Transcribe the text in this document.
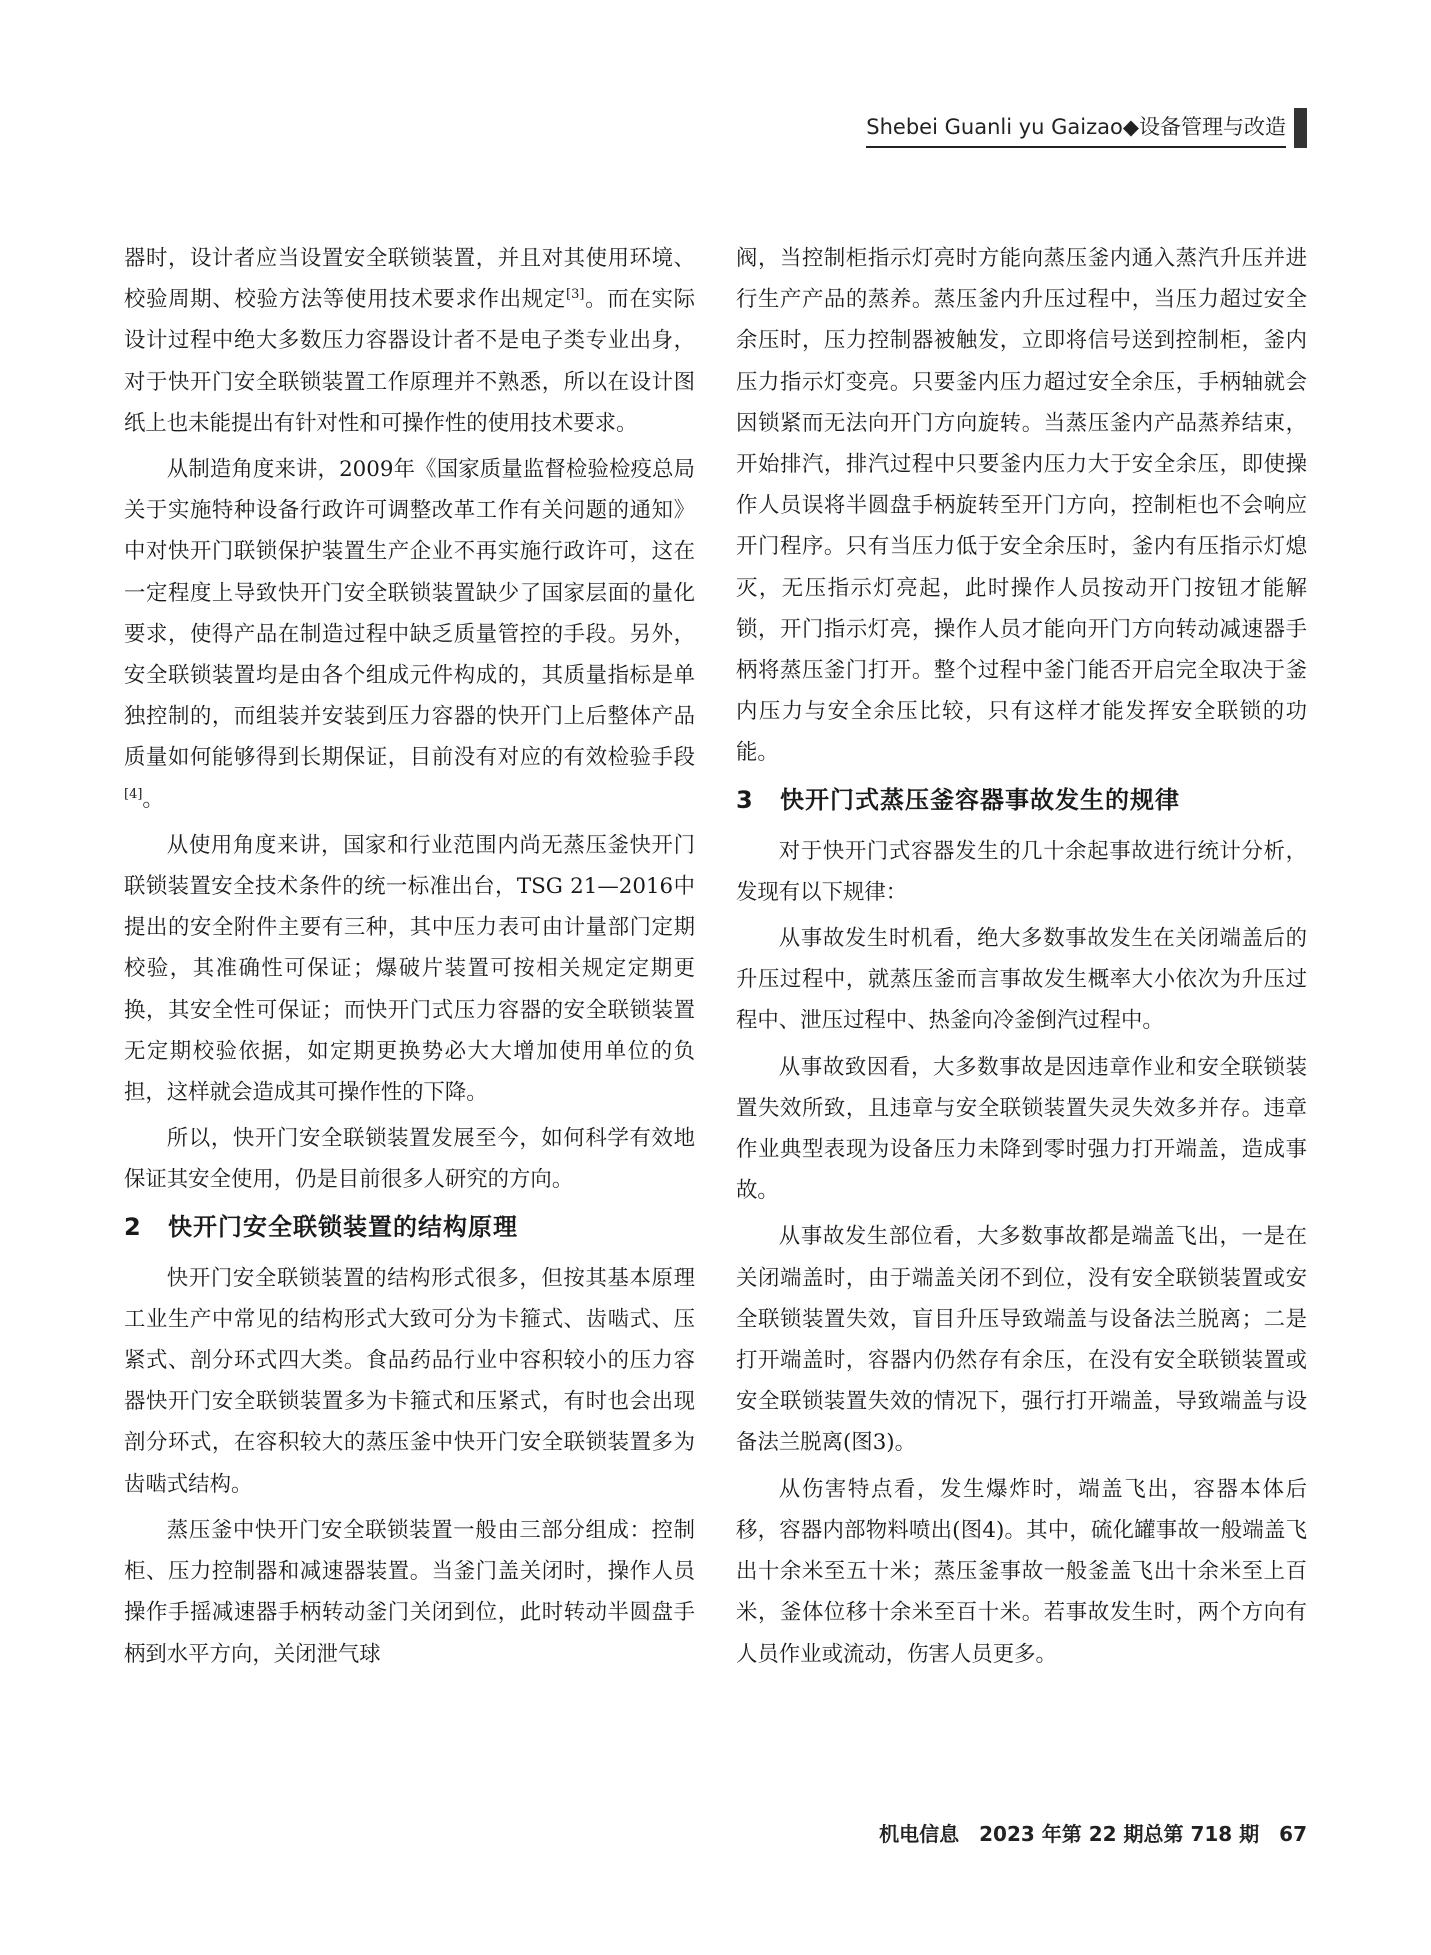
Shebei Guanli yu Gaizao◆设备管理与改造

器时，设计者应当设置安全联锁装置，并且对其使用环境、校验周期、校验方法等使用技术要求作出规定[3]。而在实际设计过程中绝大多数压力容器设计者不是电子类专业出身，对于快开门安全联锁装置工作原理并不熟悉，所以在设计图纸上也未能提出有针对性和可操作性的使用技术要求。

从制造角度来讲，2009年《国家质量监督检验检疫总局关于实施特种设备行政许可调整改革工作有关问题的通知》中对快开门联锁保护装置生产企业不再实施行政许可，这在一定程度上导致快开门安全联锁装置缺少了国家层面的量化要求，使得产品在制造过程中缺乏质量管控的手段。另外，安全联锁装置均是由各个组成元件构成的，其质量指标是单独控制的，而组装并安装到压力容器的快开门上后整体产品质量如何能够得到长期保证，目前没有对应的有效检验手段[4]。

从使用角度来讲，国家和行业范围内尚无蒸压釜快开门联锁装置安全技术条件的统一标准出台，TSG 21—2016中提出的安全附件主要有三种，其中压力表可由计量部门定期校验，其准确性可保证；爆破片装置可按相关规定定期更换，其安全性可保证；而快开门式压力容器的安全联锁装置无定期校验依据，如定期更换势必大大增加使用单位的负担，这样就会造成其可操作性的下降。

所以，快开门安全联锁装置发展至今，如何科学有效地保证其安全使用，仍是目前很多人研究的方向。

2 快开门安全联锁装置的结构原理

快开门安全联锁装置的结构形式很多，但按其基本原理工业生产中常见的结构形式大致可分为卡箍式、齿啮式、压紧式、剖分环式四大类。食品药品行业中容积较小的压力容器快开门安全联锁装置多为卡箍式和压紧式，有时也会出现剖分环式，在容积较大的蒸压釜中快开门安全联锁装置多为齿啮式结构。

蒸压釜中快开门安全联锁装置一般由三部分组成：控制柜、压力控制器和减速器装置。当釜门盖关闭时，操作人员操作手摇减速器手柄转动釜门关闭到位，此时转动半圆盘手柄到水平方向，关闭泄气球

阀，当控制柜指示灯亮时方能向蒸压釜内通入蒸汽升压并进行生产产品的蒸养。蒸压釜内升压过程中，当压力超过安全余压时，压力控制器被触发，立即将信号送到控制柜，釜内压力指示灯变亮。只要釜内压力超过安全余压，手柄轴就会因锁紧而无法向开门方向旋转。当蒸压釜内产品蒸养结束，开始排汽，排汽过程中只要釜内压力大于安全余压，即使操作人员误将半圆盘手柄旋转至开门方向，控制柜也不会响应开门程序。只有当压力低于安全余压时，釜内有压指示灯熄灭，无压指示灯亮起，此时操作人员按动开门按钮才能解锁，开门指示灯亮，操作人员才能向开门方向转动减速器手柄将蒸压釜门打开。整个过程中釜门能否开启完全取决于釜内压力与安全余压比较，只有这样才能发挥安全联锁的功能。

3 快开门式蒸压釜容器事故发生的规律

对于快开门式容器发生的几十余起事故进行统计分析，发现有以下规律：

从事故发生时机看，绝大多数事故发生在关闭端盖后的升压过程中，就蒸压釜而言事故发生概率大小依次为升压过程中、泄压过程中、热釜向冷釜倒汽过程中。

从事故致因看，大多数事故是因违章作业和安全联锁装置失效所致，且违章与安全联锁装置失灵失效多并存。违章作业典型表现为设备压力未降到零时强力打开端盖，造成事故。

从事故发生部位看，大多数事故都是端盖飞出，一是在关闭端盖时，由于端盖关闭不到位，没有安全联锁装置或安全联锁装置失效，盲目升压导致端盖与设备法兰脱离；二是打开端盖时，容器内仍然存有余压，在没有安全联锁装置或安全联锁装置失效的情况下，强行打开端盖，导致端盖与设备法兰脱离(图3)。

从伤害特点看，发生爆炸时，端盖飞出，容器本体后移，容器内部物料喷出(图4)。其中，硫化罐事故一般端盖飞出十余米至五十米；蒸压釜事故一般釜盖飞出十余米至上百米，釜体位移十余米至百十米。若事故发生时，两个方向有人员作业或流动，伤害人员更多。

机电信息　2023 年第 22 期总第 718 期　67
